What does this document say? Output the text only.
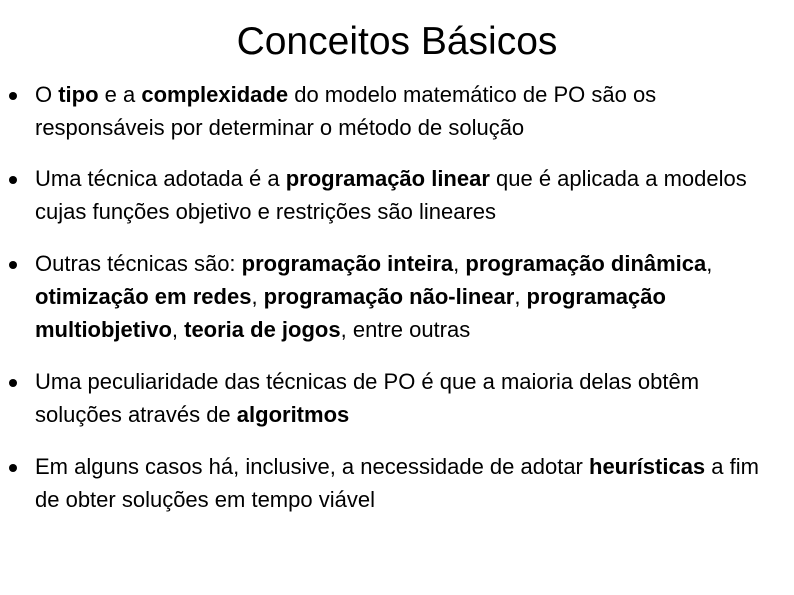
Conceitos Básicos
O tipo e a complexidade do modelo matemático de PO são os responsáveis por determinar o método de solução
Uma técnica adotada é a programação linear que é aplicada a modelos cujas funções objetivo e restrições são lineares
Outras técnicas são: programação inteira, programação dinâmica, otimização em redes, programação não-linear, programação multiobjetivo, teoria de jogos, entre outras
Uma peculiaridade das técnicas de PO é que a maioria delas obtêm soluções através de algoritmos
Em alguns casos há, inclusive, a necessidade de adotar heurísticas a fim de obter soluções em tempo viável
